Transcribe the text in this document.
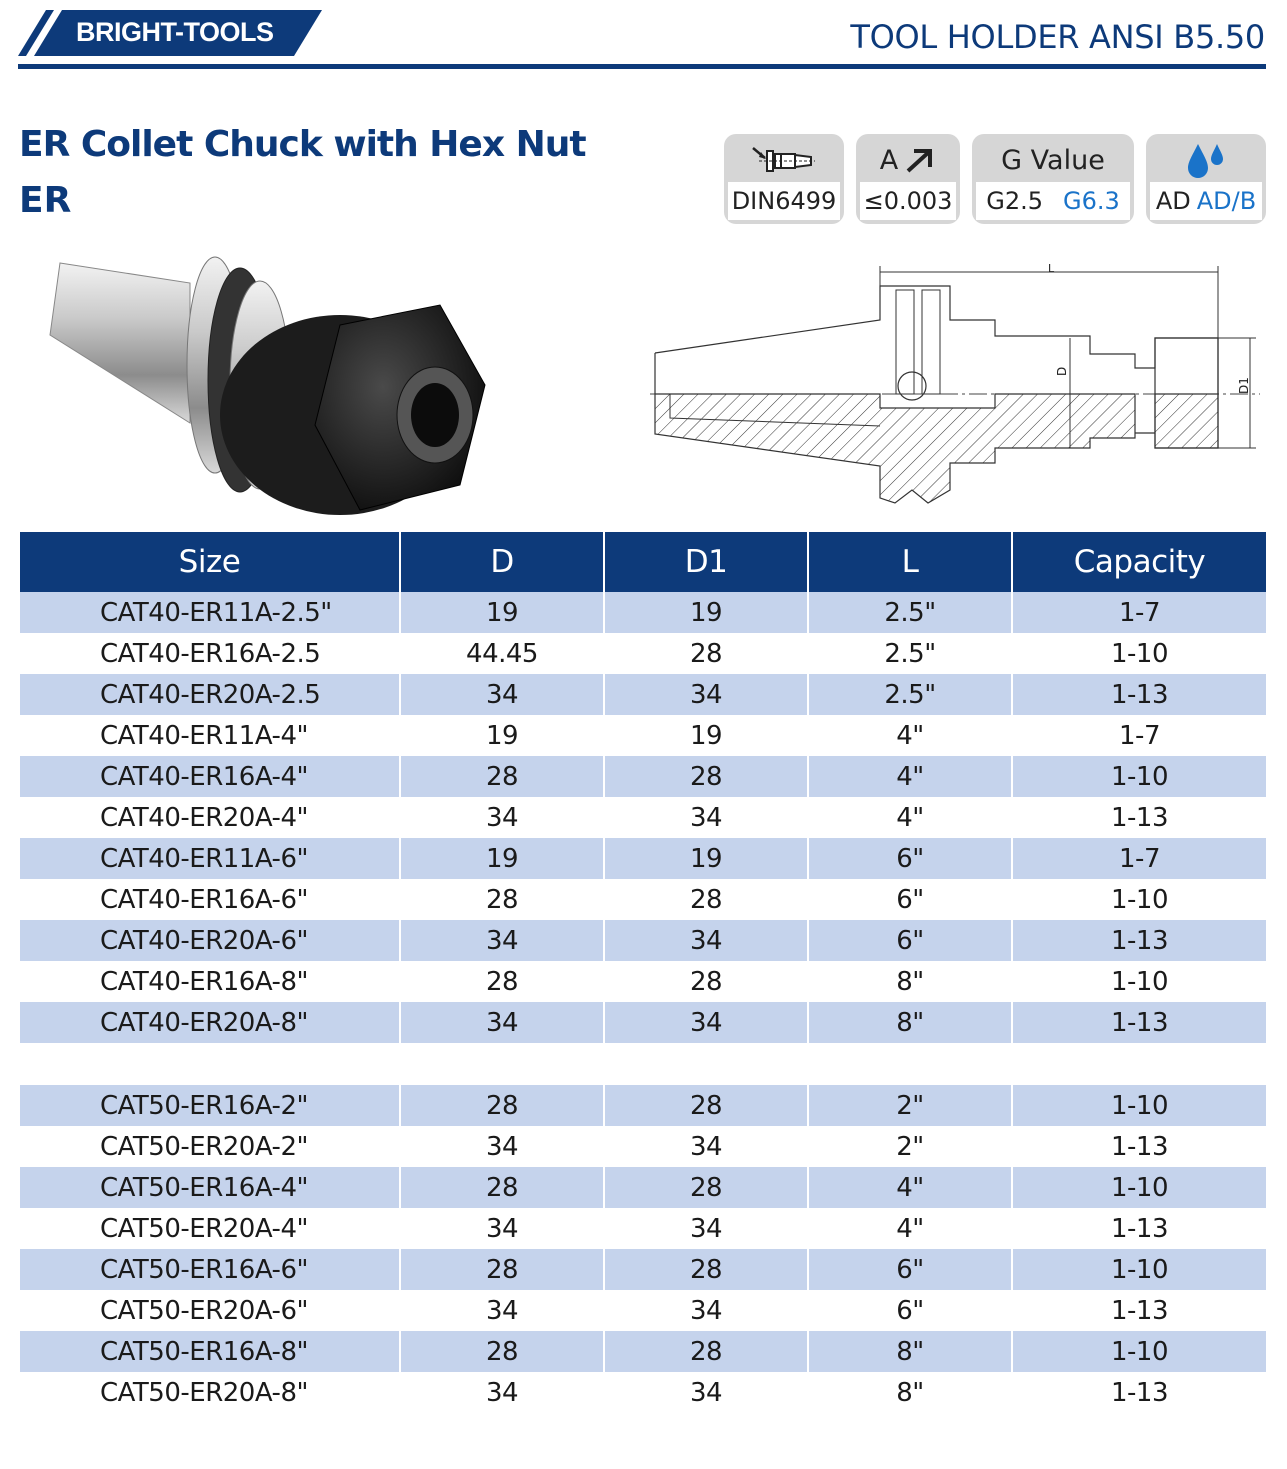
BRIGHT-TOOLS	TOOL HOLDER ANSI B5.50
ER Collet Chuck with Hex Nut
ER	DIN6499
A
≤0.003
G Value
G2.5 G6.3 AD AD/B
L
D
D1
Size	D	D1	L	Capacity
CAT40-ER11A-2.5"	19	19	2.5"	1-7
CAT40-ER16A-2.5	44.45	28	2.5"	1-10
CAT40-ER20A-2.5	34	34	2.5"	1-13
CAT40-ER11A-4"	19	19	4"	1-7
CAT40-ER16A-4"	28	28	4"	1-10
CAT40-ER20A-4"	34	34	4"	1-13
CAT40-ER11A-6"	19	19	6"	1-7
CAT40-ER16A-6"	28	28	6"	1-10
CAT40-ER20A-6"	34	34	6"	1-13
CAT40-ER16A-8"	28	28	8"	1-10
CAT40-ER20A-8"	34	34	8"	1-13

CAT50-ER16A-2"	28	28	2"	1-10
CAT50-ER20A-2"	34	34	2"	1-13
CAT50-ER16A-4"	28	28	4"	1-10
CAT50-ER20A-4"	34	34	4"	1-13
CAT50-ER16A-6"	28	28	6"	1-10
CAT50-ER20A-6"	34	34	6"	1-13
CAT50-ER16A-8"	28	28	8"	1-10
CAT50-ER20A-8"	34	34	8"	1-13
